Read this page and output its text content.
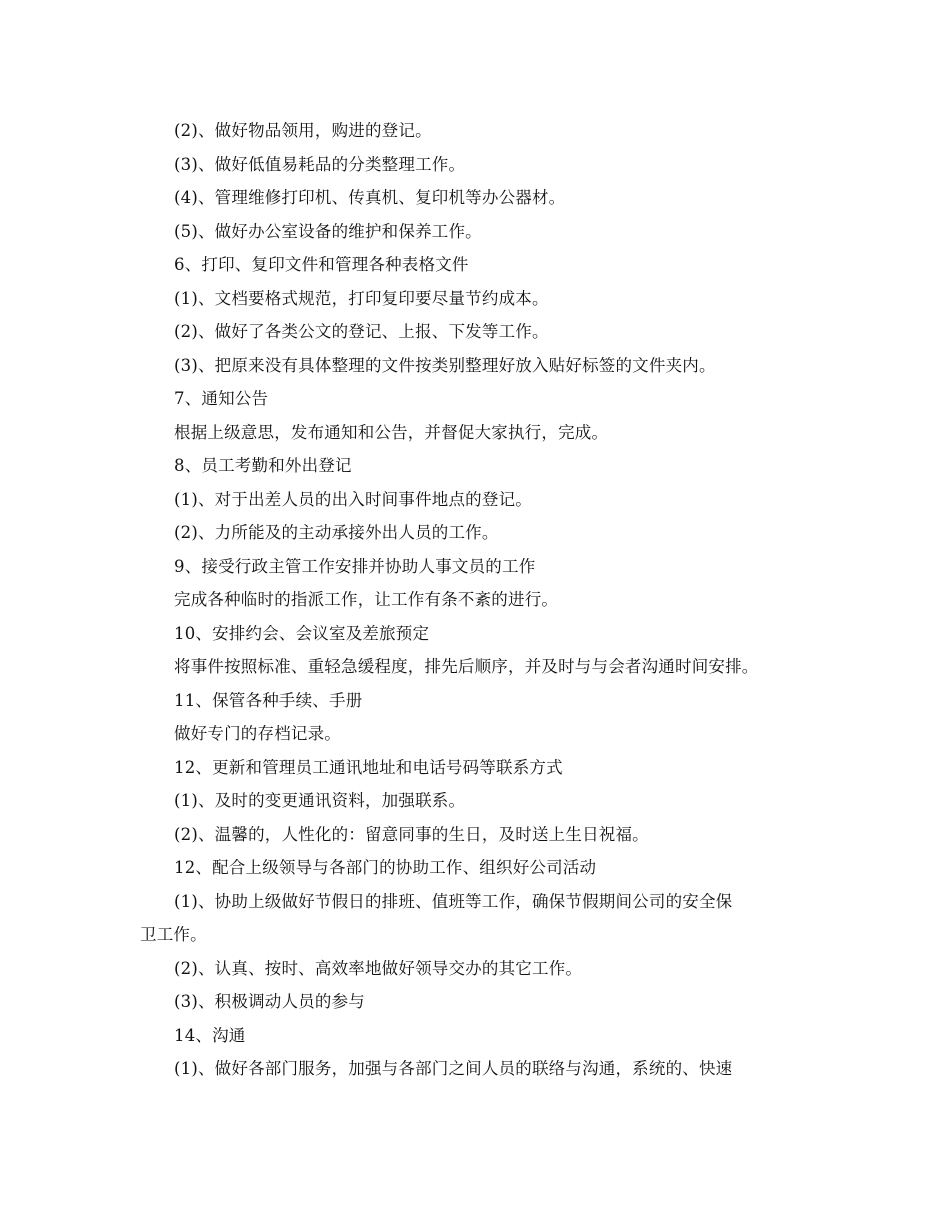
(2)、做好物品领用，购进的登记。
(3)、做好低值易耗品的分类整理工作。
(4)、管理维修打印机、传真机、复印机等办公器材。
(5)、做好办公室设备的维护和保养工作。
6、打印、复印文件和管理各种表格文件
(1)、文档要格式规范，打印复印要尽量节约成本。
(2)、做好了各类公文的登记、上报、下发等工作。
(3)、把原来没有具体整理的文件按类别整理好放入贴好标签的文件夹内。
7、通知公告
根据上级意思，发布通知和公告，并督促大家执行，完成。
8、员工考勤和外出登记
(1)、对于出差人员的出入时间事件地点的登记。
(2)、力所能及的主动承接外出人员的工作。
9、接受行政主管工作安排并协助人事文员的工作
完成各种临时的指派工作，让工作有条不紊的进行。
10、安排约会、会议室及差旅预定
将事件按照标准、重轻急缓程度，排先后顺序，并及时与与会者沟通时间安排。
11、保管各种手续、手册
做好专门的存档记录。
12、更新和管理员工通讯地址和电话号码等联系方式
(1)、及时的变更通讯资料，加强联系。
(2)、温馨的，人性化的：留意同事的生日，及时送上生日祝福。
12、配合上级领导与各部门的协助工作、组织好公司活动
(1)、协助上级做好节假日的排班、值班等工作，确保节假期间公司的安全保
卫工作。
(2)、认真、按时、高效率地做好领导交办的其它工作。
(3)、积极调动人员的参与
14、沟通
(1)、做好各部门服务，加强与各部门之间人员的联络与沟通，系统的、快速
